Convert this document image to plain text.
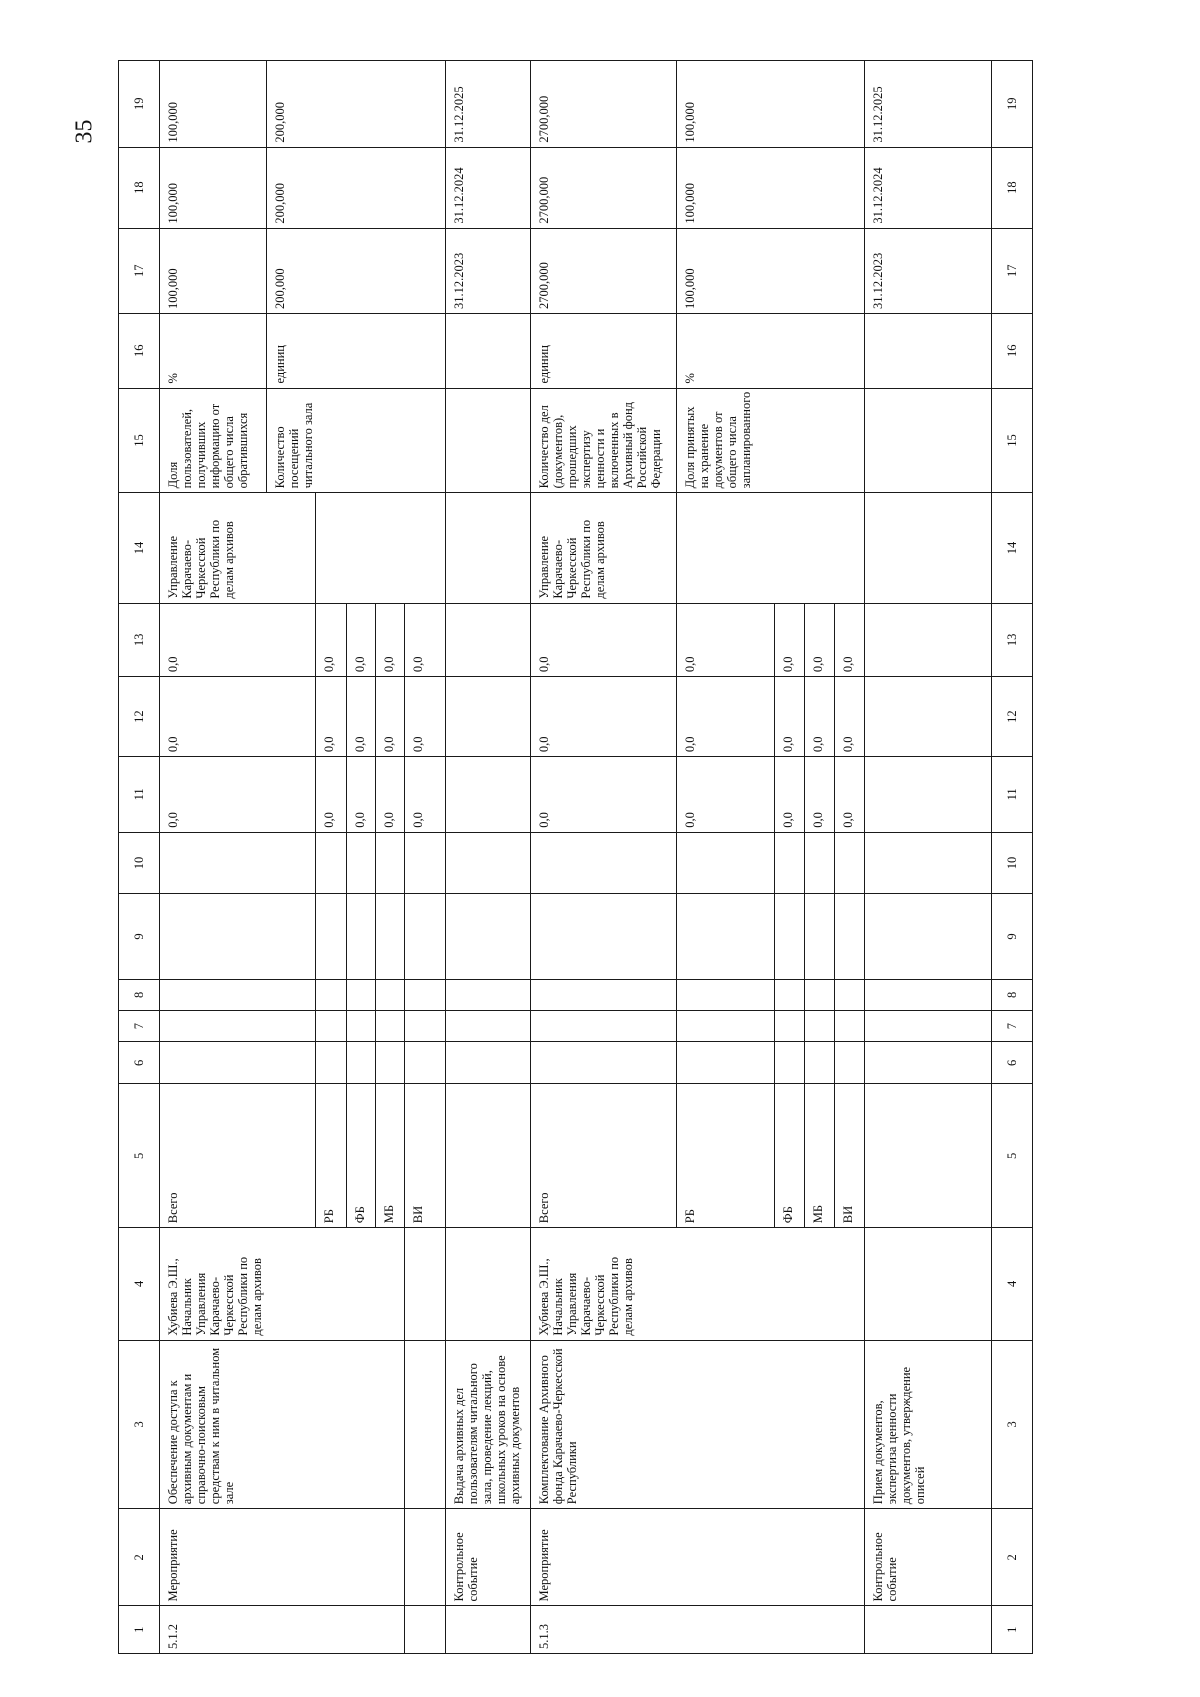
35
1	2	3	4	5	6	7	8	9	10	11	12	13	14	15	16	17	18	19
5.1.2	Мероприятие	Обеспечение доступа к архивным документам и справочно-поисковым средствам к ним в читальном зале	Хубиева Э.Ш., Начальник Управления Карачаево-Черкесской Республики по делам архивов	Всего						0,0	0,0	0,0	Управление Карачаево-Черкесской Республики по делам архивов	Доля пользователей, получивших информацию от общего числа обратившихся	%	100,000	100,000	100,000
														Количество посещений читального зала	единиц	200,000	200,000	200,000
				РБ						0,0	0,0	0,0						
				ФБ						0,0	0,0	0,0						
				МБ						0,0	0,0	0,0						
				ВИ						0,0	0,0	0,0						
	Контрольное событие	Выдача архивных дел пользователям читального зала, проведение лекций, школьных уроков на основе архивных документов														31.12.2023	31.12.2024	31.12.2025
5.1.3	Мероприятие	Комплектование Архивного фонда Карачаево-Черкесской Республики	Хубиева Э.Ш., Начальник Управления Карачаево-Черкесской Республики по делам архивов	Всего						0,0	0,0	0,0	Управление Карачаево-Черкесской Республики по делам архивов	Количество дел (документов), прошедших экспертизу ценности и включенных в Архивный фонд Российской Федерации	единиц	2700,000	2700,000	2700,000
				РБ						0,0	0,0	0,0		Доля принятых на хранение документов от общего числа запланированного	%	100,000	100,000	100,000
				ФБ						0,0	0,0	0,0						
				МБ						0,0	0,0	0,0						
				ВИ						0,0	0,0	0,0						
	Контрольное событие	Прием документов, экспертиза ценности документов, утверждение описей														31.12.2023	31.12.2024	31.12.2025
1	2	3	4	5	6	7	8	9	10	11	12	13	14	15	16	17	18	19
